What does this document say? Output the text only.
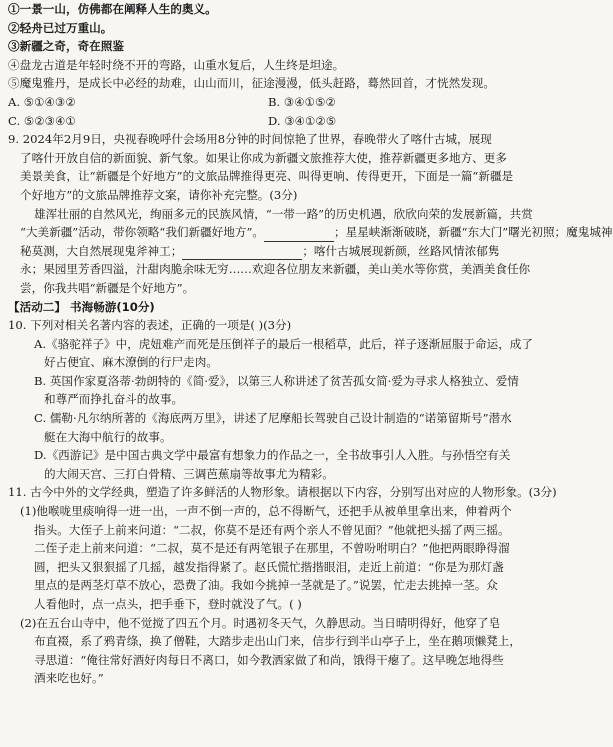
①一景一山，仿佛都在阐释人生的奥义。
②轻舟已过万重山。
③新疆之奇，奇在照鉴
④盘龙古道是年轻时绕不开的弯路，山重水复后，人生终是坦途。
⑤魔鬼雅丹，是成长中必经的劫难，山山而川，征途漫漫，低头赶路，蓦然回首，才恍然发现。
A. ⑤①④③②	B. ③④①⑤②
C. ⑤②③④①	D. ③④①②⑤
9. 2024年2月9日，央视春晚呼什会场用8分钟的时间惊艳了世界，春晚带火了喀什古城，展现
了喀什开放自信的新面貌、新气象。如果让你成为新疆文旅推荐大使，推荐新疆更多地方、更多
美景美食，让“新疆是个好地方”的文旅品牌推得更亮、叫得更响、传得更开，下面是一篇“新疆是
个好地方”的文旅品牌推荐文案，请你补充完整。(3分)
雄浑壮丽的自然风光，绚丽多元的民族风情，“一带一路”的历史机遇，欣欣向荣的发展新篇，共赏
“大美新疆”活动，带你领略“我们新疆好地方”。	；星星峡渐渐破晓，新疆“东大门”曙光初照；魔鬼城神
秘莫测，大自然展现鬼斧神工；	；喀什古城展现新颜，丝路风情浓郁隽
永；果园里芳香四溢，汁甜肉脆余味无穷……欢迎各位朋友来新疆，美山美水等你赏，美酒美食任你
尝，你我共唱“新疆是个好地方”。
【活动二】 书海畅游(10分)
10. 下列对相关名著内容的表述，正确的一项是( )(3分)
A.《骆驼祥子》中，虎妞难产而死是压倒祥子的最后一根稻草，此后，祥子逐渐屈服于命运，成了
好占便宜、麻木潦倒的行尸走肉。
B. 英国作家夏洛蒂·勃朗特的《简·爱》，以第三人称讲述了贫苦孤女简·爱为寻求人格独立、爱情
和尊严而挣扎奋斗的故事。
C. 儒勒·凡尔纳所著的《海底两万里》，讲述了尼摩船长驾驶自己设计制造的“诺第留斯号”潜水
艇在大海中航行的故事。
D.《西游记》是中国古典文学中最富有想象力的作品之一，全书故事引人入胜。与孙悟空有关
的大闹天宫、三打白骨精、三调芭蕉扇等故事尤为精彩。
11. 古今中外的文学经典，塑造了许多鲜活的人物形象。请根据以下内容，分别写出对应的人物形象。(3分)
(1)他喉咙里痰响得一进一出，一声不倒一声的，总不得断气，还把手从被单里拿出来，伸着两个
指头。大侄子上前来问道：“二叔，你莫不是还有两个亲人不曾见面？”他就把头摇了两三摇。
二侄子走上前来问道：“二叔，莫不是还有两笔银子在那里，不曾吩咐明白？”他把两眼睁得溜
圆，把头又狠狠摇了几摇，越发指得紧了。赵氏慌忙揩揩眼泪，走近上前道：“你是为那灯盏
里点的是两茎灯草不放心，恐费了油。我如今挑掉一茎就是了。”说罢，忙走去挑掉一茎。众
人看他时，点一点头，把手垂下，登时就没了气。( )
(2)在五台山寺中，他不觉搅了四五个月。时遇初冬天气，久静思动。当日晴明得好，他穿了皂
布直裰，系了鸦青绦，换了僧鞋，大踏步走出山门来，信步行到半山亭子上，坐在鹅项懒凳上，
寻思道：“俺往常好酒好肉每日不离口，如今教洒家做了和尚，饿得干瘪了。这早晚怎地得些
酒来吃也好。”
